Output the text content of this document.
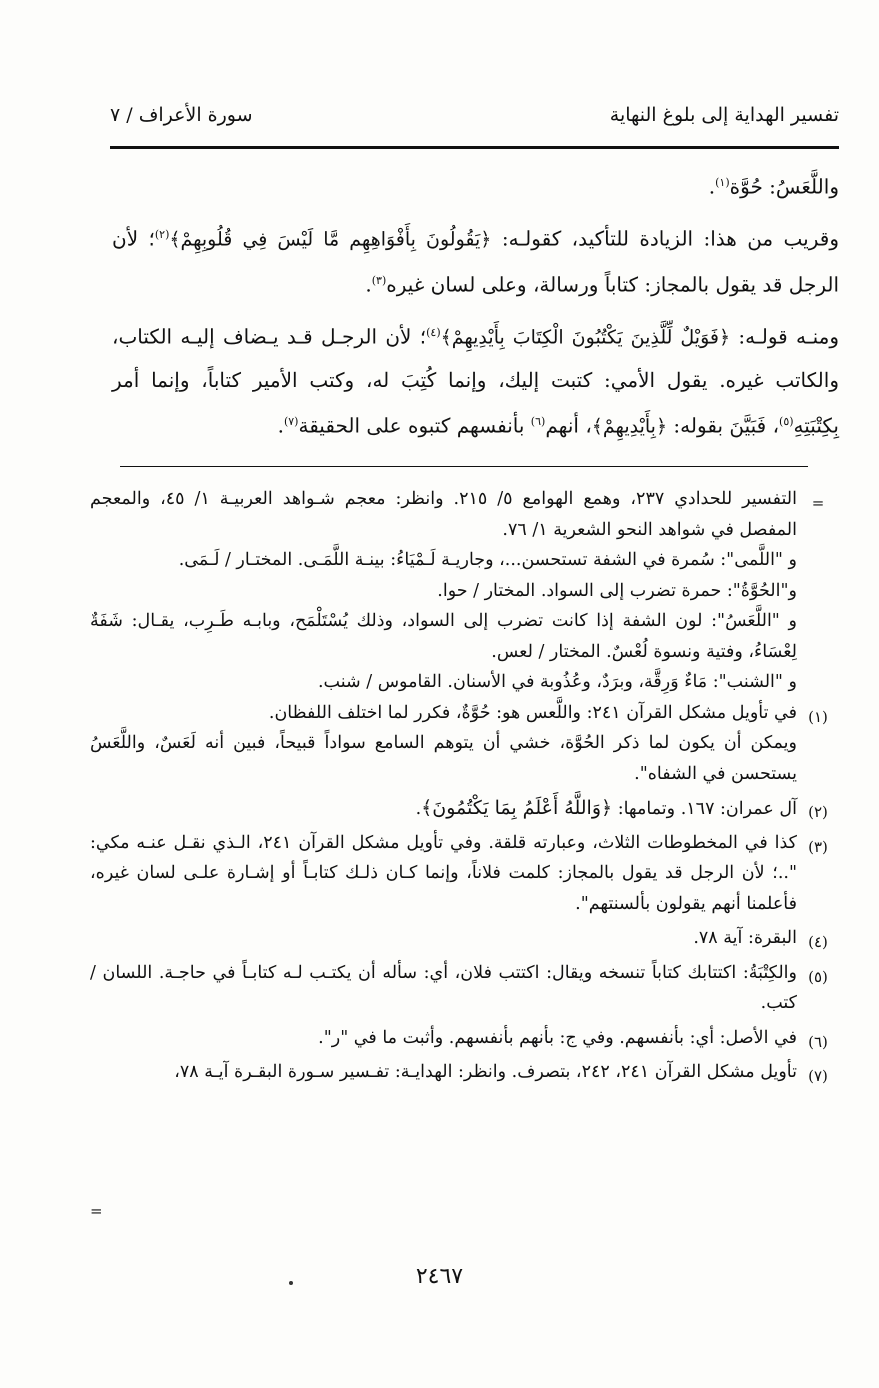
تفسير الهداية إلى بلوغ النهاية
سورة الأعراف / ٧

واللَّعَسُ: حُوَّة$^{(١)}$.

وقريب من هذا: الزيادة للتأكيد، كقولـه: ﴿يَقُولُونَ بِأَفْوَاهِهِم مَّا لَيْسَ فِي قُلُوبِهِمْ﴾$^{(٢)}$؛ لأن الرجل قد يقول بالمجاز: كتاباً ورسالة، وعلى لسان غيره$^{(٣)}$.

ومنـه قولـه: ﴿فَوَيْلٌ لِّلَّذِينَ يَكْتُبُونَ الْكِتَابَ بِأَيْدِيهِمْ﴾$^{(٤)}$؛ لأن الرجـل قـد يـضاف إليـه الكتاب، والكاتب غيره. يقول الأمي: كتبت إليك، وإنما كُتِبَ له، وكتب الأمير كتاباً، وإنما أمر بِكِتْبَتِهِ$^{(٥)}$، فَبَيَّنَ بقوله: ﴿بِأَيْدِيهِمْ﴾، أنهم$^{(٦)}$ بأنفسهم كتبوه على الحقيقة$^{(٧)}$.

=
التفسير للحدادي ٢٣٧، وهمع الهوامع ٥/ ٢١٥. وانظر: معجم شـواهد العربيـة ١/ ٤٥، والمعجم المفصل في شواهد النحو الشعرية ١/ ٧٦.
و "اللَّمى": سُمرة في الشفة تستحسن...، وجاريـة لَـمْيَاءُ: بينـة اللَّمَـى. المختـار / لَـمَى.
و"الحُوَّةُ": حمرة تضرب إلى السواد. المختار / حوا.
و "اللَّعَسُ": لون الشفة إذا كانت تضرب إلى السواد، وذلك يُسْتَلْمَح، وبابـه طَـرِب، يقـال: شَفَةٌ لِعْسَاءُ، وفتية ونسوة لُعْسٌ. المختار / لعس.
و "الشنب": مَاءٌ وَرِقَّة، وبرَدٌ، وعُذُوبة في الأسنان. القاموس / شنب.
(١)
في تأويل مشكل القرآن ٢٤١: واللَّعس هو: حُوَّةٌ، فكرر لما اختلف اللفظان.
ويمكن أن يكون لما ذكر الحُوَّة، خشي أن يتوهم السامع سواداً قبيحاً، فبين أنه لَعَسٌ، واللَّعَسُ يستحسن في الشفاه".
(٢)
آل عمران: ١٦٧. وتمامها: ﴿وَاللَّهُ أَعْلَمُ بِمَا يَكْتُمُونَ﴾.
(٣)
كذا في المخطوطات الثلاث، وعبارته قلقة. وفي تأويل مشكل القرآن ٢٤١، الـذي نقـل عنـه مكي: "..؛ لأن الرجل قد يقول بالمجاز: كلمت فلاناً، وإنما كـان ذلـك كتابـاً أو إشـارة علـى لسان غيره، فأعلمنا أنهم يقولون بألسنتهم".
(٤)
البقرة: آية ٧٨.
(٥)
والكِتْبَةُ: اكتتابك كتاباً تنسخه ويقال: اكتتب فلان، أي: سأله أن يكتـب لـه كتابـاً في حاجـة. اللسان / كتب.
(٦)
في الأصل: أي: بأنفسهم. وفي ج: بأنهم بأنفسهم. وأثبت ما في "ر".
(٧)
تأويل مشكل القرآن ٢٤١، ٢٤٢، بتصرف. وانظر: الهدايـة: تفـسير سـورة البقـرة آيـة ٧٨،
=
٢٤٦٧
